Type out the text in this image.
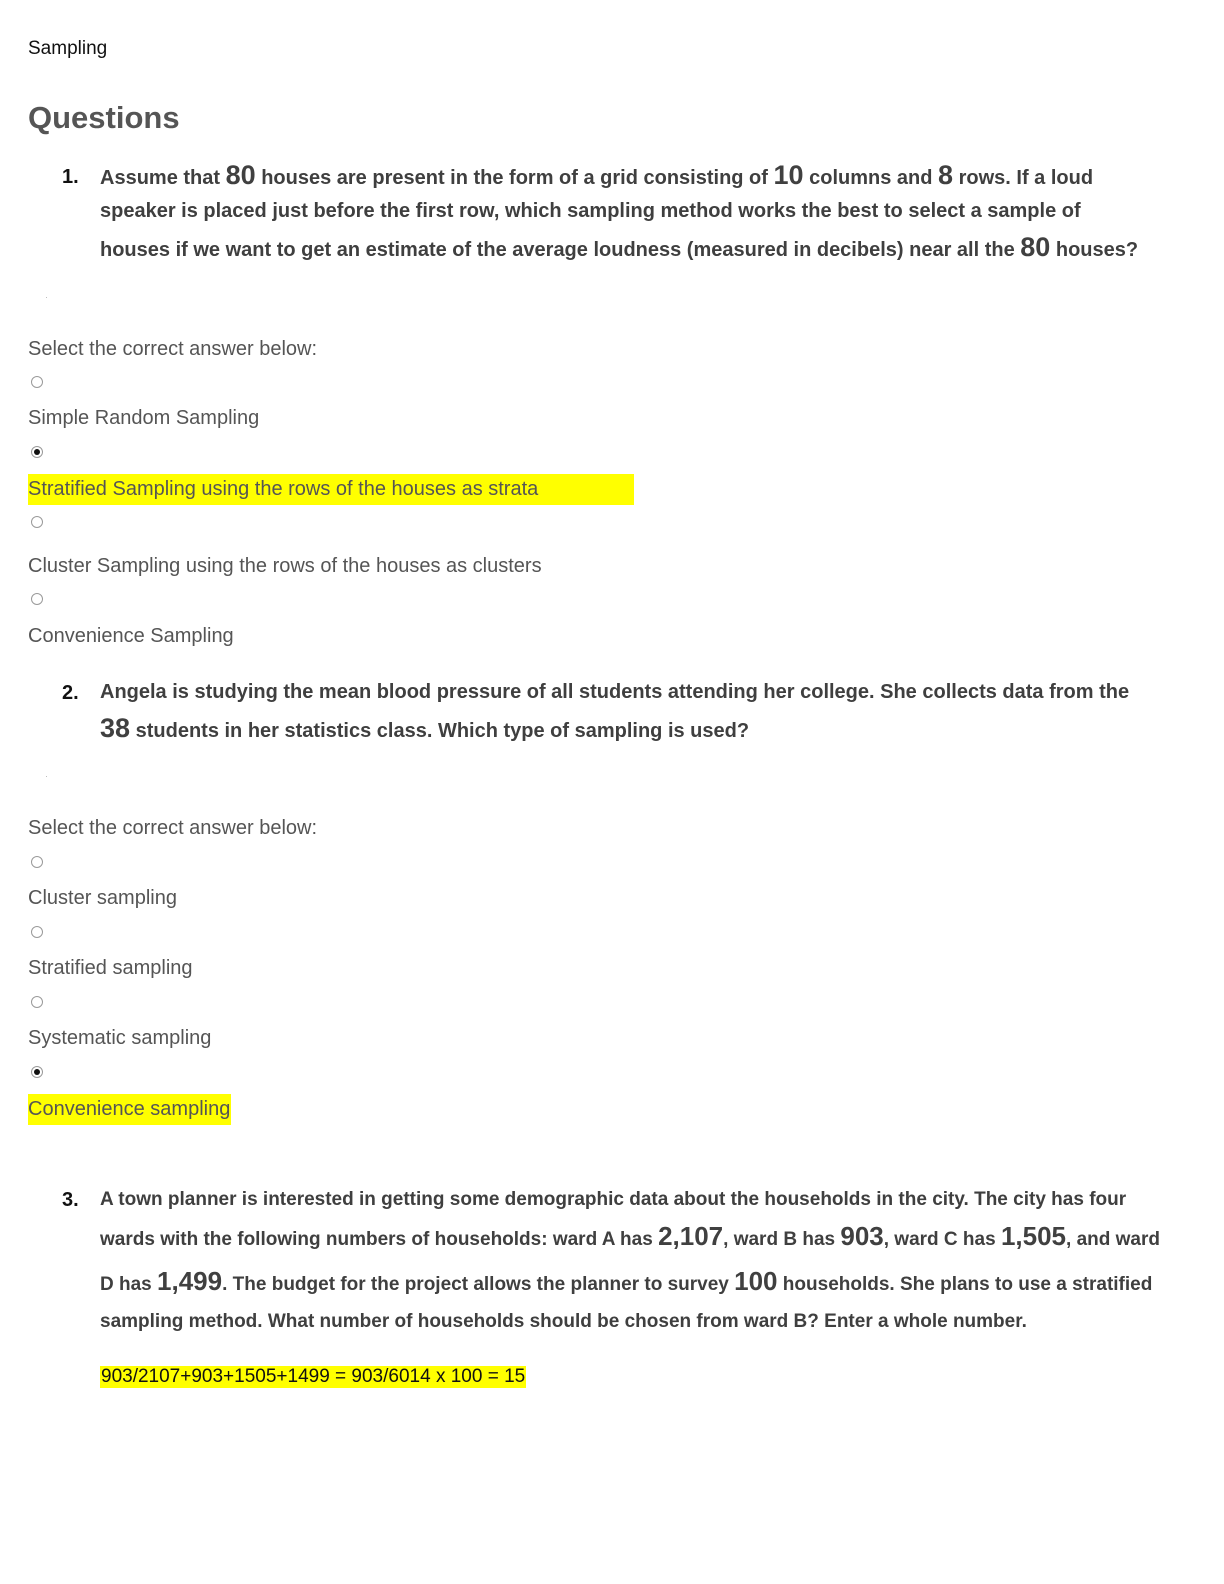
Sampling
Questions
1. Assume that 80 houses are present in the form of a grid consisting of 10 columns and 8 rows. If a loud
speaker is placed just before the first row, which sampling method works the best to select a sample of
houses if we want to get an estimate of the average loudness (measured in decibels) near all the 80 houses?
Select the correct answer below:
Simple Random Sampling
Stratified Sampling using the rows of the houses as strata
Cluster Sampling using the rows of the houses as clusters
Convenience Sampling
2. Angela is studying the mean blood pressure of all students attending her college. She collects data from the
38 students in her statistics class. Which type of sampling is used?
Select the correct answer below:
Cluster sampling
Stratified sampling
Systematic sampling
Convenience sampling
3. A town planner is interested in getting some demographic data about the households in the city. The city has four
wards with the following numbers of households: ward A has 2,107, ward B has 903, ward C has 1,505, and ward
D has 1,499. The budget for the project allows the planner to survey 100 households. She plans to use a stratified
sampling method. What number of households should be chosen from ward B? Enter a whole number.
903/2107+903+1505+1499 = 903/6014 x 100 = 15
